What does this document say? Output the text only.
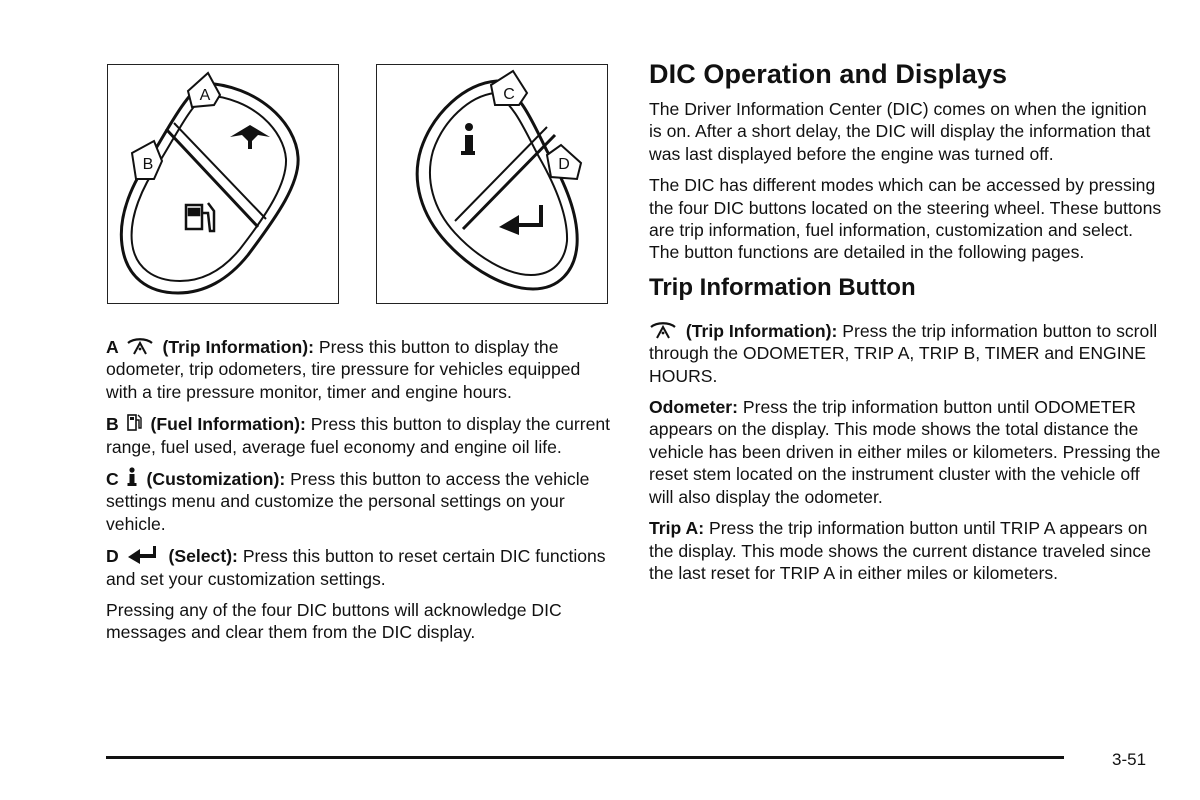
A
B
C
D

A (Trip Information): Press this button to display the odometer, trip odometers, tire pressure for vehicles equipped with a tire pressure monitor, timer and engine hours.

B (Fuel Information): Press this button to display the current range, fuel used, average fuel economy and engine oil life.

C (Customization): Press this button to access the vehicle settings menu and customize the personal settings on your vehicle.

D	(Select): Press this button to reset certain DIC functions and set your customization settings.

Pressing any of the four DIC buttons will acknowledge DIC messages and clear them from the DIC display.

DIC Operation and Displays

The Driver Information Center (DIC) comes on when the ignition is on. After a short delay, the DIC will display the information that was last displayed before the engine was turned off.

The DIC has different modes which can be accessed by pressing the four DIC buttons located on the steering wheel. These buttons are trip information, fuel information, customization and select. The button functions are detailed in the following pages.

Trip Information Button

(Trip Information): Press the trip information button to scroll through the ODOMETER, TRIP A, TRIP B, TIMER and ENGINE HOURS.

Odometer: Press the trip information button until ODOMETER appears on the display. This mode shows the total distance the vehicle has been driven in either miles or kilometers. Pressing the reset stem located on the instrument cluster with the vehicle off will also display the odometer.

Trip A: Press the trip information button until TRIP A appears on the display. This mode shows the current distance traveled since the last reset for TRIP A in either miles or kilometers.

3-51
